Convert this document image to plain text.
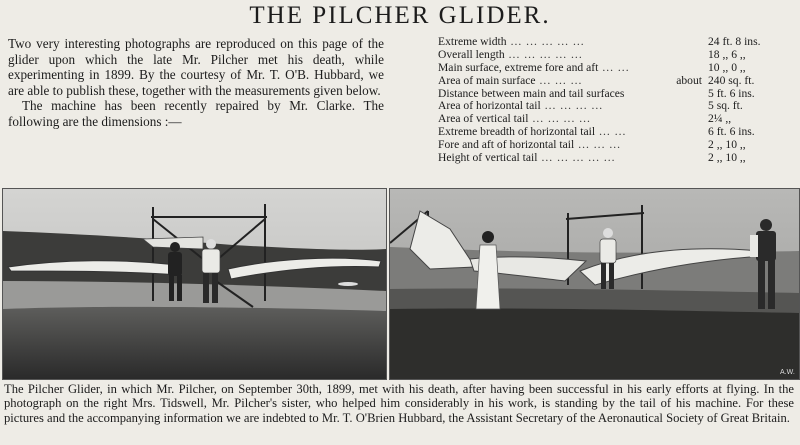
THE PILCHER GLIDER.

Two very interesting photographs are reproduced on this page of the glider upon which the late Mr. Pilcher met his death, while experimenting in 1899. By the courtesy of Mr. T. O'B. Hubbard, we are able to publish these, together with the measurements given below.

The machine has been recently repaired by Mr. Clarke. The following are the dimensions :—

Extreme width ... ... ... ... ...	24 ft. 8 ins.
Overall length ... ... ... ... ...	18 ,, 6 ,,
Main surface, extreme fore and aft ... ...	10 ,, 0 ,,
Area of main surface ... ... ...	about 240 sq. ft.
Distance between main and tail surfaces	5 ft. 6 ins.
Area of horizontal tail ... ... ... ...	5 sq. ft.
Area of vertical tail ... ... ... ...	2¼ ,,
Extreme breadth of horizontal tail ... ...	6 ft. 6 ins.
Fore and aft of horizontal tail ... ... ...	2 ,, 10 ,,
Height of vertical tail ... ... ... ... ...	2 ,, 10 ,,
A.W.
The Pilcher Glider, in which Mr. Pilcher, on September 30th, 1899, met with his death, after having been successful in his early efforts at flying. In the photograph on the right Mrs. Tidswell, Mr. Pilcher's sister, who helped him considerably in his work, is standing by the tail of his machine. For these pictures and the accompanying information we are indebted to Mr. T. O'Brien Hubbard, the Assistant Secretary of the Aeronautical Society of Great Britain.
